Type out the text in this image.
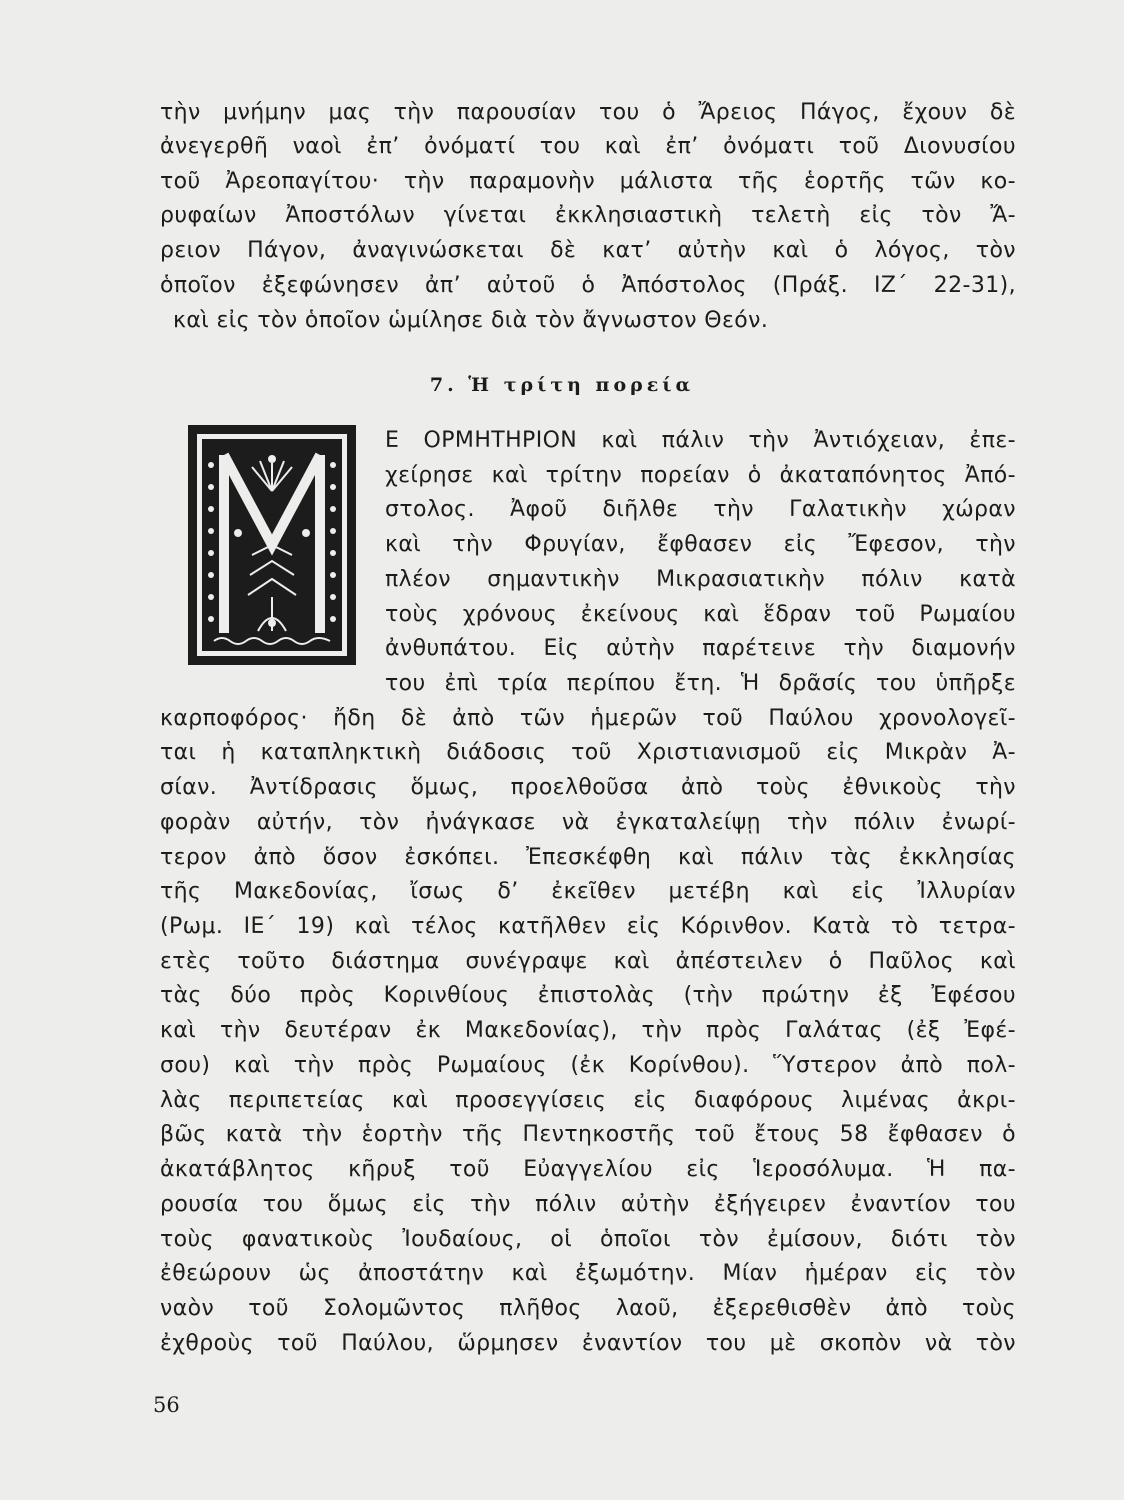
τὴν μνήμην μας τὴν παρουσίαν του ὁ Ἄρειος Πάγος, ἔχουν δὲ
ἀνεγερθῆ ναοὶ ἐπ’ ὀνόματί του καὶ ἐπ’ ὀνόματι τοῦ Διονυσίου
τοῦ Ἀρεοπαγίτου· τὴν παραμονὴν μάλιστα τῆς ἑορτῆς τῶν κο-
ρυφαίων Ἀποστόλων γίνεται ἐκκλησιαστικὴ τελετὴ εἰς τὸν Ἄ-
ρειον Πάγον, ἀναγινώσκεται δὲ κατ’ αὐτὴν καὶ ὁ λόγος, τὸν
ὁποῖον ἐξεφώνησεν ἀπ’ αὐτοῦ ὁ Ἀπόστολος (Πράξ. ΙΖ΄ 22-31),
καὶ εἰς τὸν ὁποῖον ὡμίλησε διὰ τὸν ἄγνωστον Θεόν.
7. Ἡ τρίτη πορεία
Ε ΟΡΜΗΤΗΡΙΟΝ καὶ πάλιν τὴν Ἀντιόχειαν, ἐπε-
χείρησε καὶ τρίτην πορείαν ὁ ἀκαταπόνητος Ἀπό-
στολος. Ἀφοῦ διῆλθε τὴν Γαλατικὴν χώραν
καὶ τὴν Φρυγίαν, ἔφθασεν εἰς Ἔφεσον, τὴν
πλέον σημαντικὴν Μικρασιατικὴν πόλιν κατὰ
τοὺς χρόνους ἐκείνους καὶ ἕδραν τοῦ Ρωμαίου
ἀνθυπάτου. Εἰς αὐτὴν παρέτεινε τὴν διαμονήν
του ἐπὶ τρία περίπου ἔτη. Ἡ δρᾶσίς του ὑπῆρξε
καρποφόρος· ἤδη δὲ ἀπὸ τῶν ἡμερῶν τοῦ Παύλου χρονολογεῖ-
ται ἡ καταπληκτικὴ διάδοσις τοῦ Χριστιανισμοῦ εἰς Μικρὰν Ἀ-
σίαν. Ἀντίδρασις ὅμως, προελθοῦσα ἀπὸ τοὺς ἐθνικοὺς τὴν
φορὰν αὐτήν, τὸν ἠνάγκασε νὰ ἐγκαταλείψῃ τὴν πόλιν ἐνωρί-
τερον ἀπὸ ὅσον ἐσκόπει. Ἐπεσκέφθη καὶ πάλιν τὰς ἐκκλησίας
τῆς Μακεδονίας, ἴσως δ’ ἐκεῖθεν μετέβη καὶ εἰς Ἰλλυρίαν
(Ρωμ. ΙΕ΄ 19) καὶ τέλος κατῆλθεν εἰς Κόρινθον. Κατὰ τὸ τετρα-
ετὲς τοῦτο διάστημα συνέγραψε καὶ ἀπέστειλεν ὁ Παῦλος καὶ
τὰς δύο πρὸς Κορινθίους ἐπιστολὰς (τὴν πρώτην ἐξ Ἐφέσου
καὶ τὴν δευτέραν ἐκ Μακεδονίας), τὴν πρὸς Γαλάτας (ἐξ Ἐφέ-
σου) καὶ τὴν πρὸς Ρωμαίους (ἐκ Κορίνθου). Ὕστερον ἀπὸ πολ-
λὰς περιπετείας καὶ προσεγγίσεις εἰς διαφόρους λιμένας ἀκρι-
βῶς κατὰ τὴν ἑορτὴν τῆς Πεντηκοστῆς τοῦ ἔτους 58 ἔφθασεν ὁ
ἀκατάβλητος κῆρυξ τοῦ Εὐαγγελίου εἰς Ἱεροσόλυμα. Ἡ πα-
ρουσία του ὅμως εἰς τὴν πόλιν αὐτὴν ἐξήγειρεν ἐναντίον του
τοὺς φανατικοὺς Ἰουδαίους, οἱ ὁποῖοι τὸν ἐμίσουν, διότι τὸν
ἐθεώρουν ὡς ἀποστάτην καὶ ἐξωμότην. Μίαν ἡμέραν εἰς τὸν
ναὸν τοῦ Σολομῶντος πλῆθος λαοῦ, ἐξερεθισθὲν ἀπὸ τοὺς
ἐχθροὺς τοῦ Παύλου, ὥρμησεν ἐναντίον του μὲ σκοπὸν νὰ τὸν
56
